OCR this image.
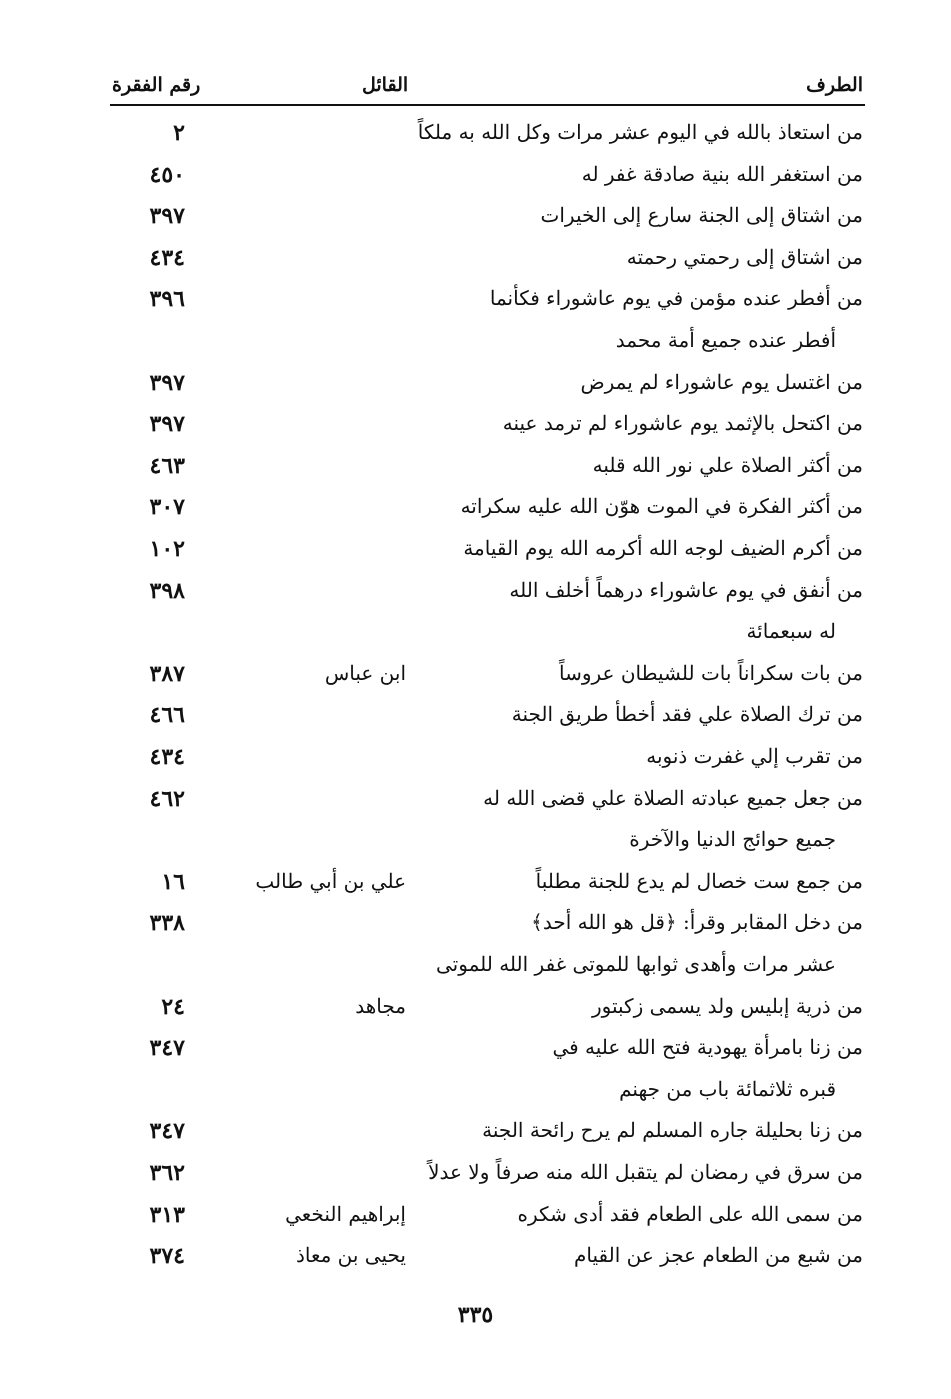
الطرف
القائل
رقم الفقرة
من استعاذ بالله في اليوم عشر مرات وكل الله به ملكاً
٢
من استغفر الله بنية صادقة غفر له
٤٥٠
من اشتاق إلى الجنة سارع إلى الخيرات
٣٩٧
من اشتاق إلى رحمتي رحمته
٤٣٤
من أفطر عنده مؤمن في يوم عاشوراء فكأنما
٣٩٦
أفطر عنده جميع أمة محمد
من اغتسل يوم عاشوراء لم يمرض
٣٩٧
من اكتحل بالإثمد يوم عاشوراء لم ترمد عينه
٣٩٧
من أكثر الصلاة علي نور الله قلبه
٤٦٣
من أكثر الفكرة في الموت هوّن الله عليه سكراته
٣٠٧
من أكرم الضيف لوجه الله أكرمه الله يوم القيامة
١٠٢
من أنفق في يوم عاشوراء درهماً أخلف الله
٣٩٨
له سبعمائة
من بات سكراناً بات للشيطان عروساً
ابن عباس
٣٨٧
من ترك الصلاة علي فقد أخطأ طريق الجنة
٤٦٦
من تقرب إلي غفرت ذنوبه
٤٣٤
من جعل جميع عبادته الصلاة علي قضى الله له
٤٦٢
جميع حوائج الدنيا والآخرة
من جمع ست خصال لم يدع للجنة مطلباً
علي بن أبي طالب
١٦
من دخل المقابر وقرأ: ﴿قل هو الله أحد﴾
٣٣٨
عشر مرات وأهدى ثوابها للموتى غفر الله للموتى
من ذرية إبليس ولد يسمى زكبتور
مجاهد
٢٤
من زنا بامرأة يهودية فتح الله عليه في
٣٤٧
قبره ثلاثمائة باب من جهنم
من زنا بحليلة جاره المسلم لم يرح رائحة الجنة
٣٤٧
من سرق في رمضان لم يتقبل الله منه صرفاً ولا عدلاً
٣٦٢
من سمى الله على الطعام فقد أدى شكره
إبراهيم النخعي
٣١٣
من شبع من الطعام عجز عن القيام
يحيى بن معاذ
٣٧٤
٣٣٥
